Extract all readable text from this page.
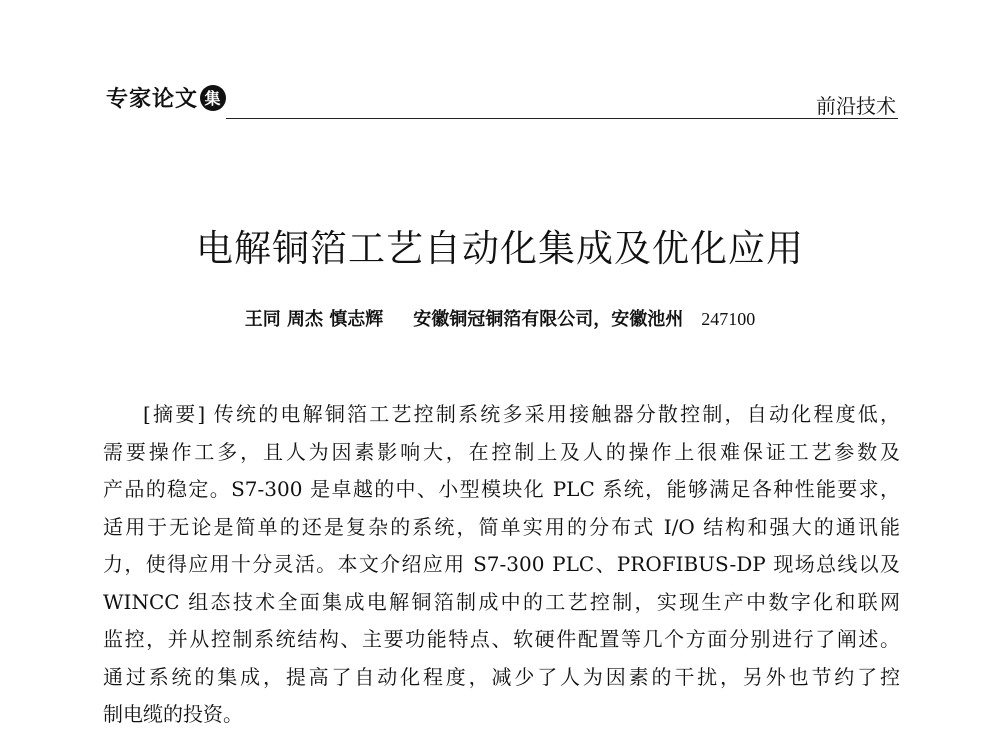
专家论文 集	前沿技术
电解铜箔工艺自动化集成及优化应用
王同 周杰 慎志辉 安徽铜冠铜箔有限公司，安徽池州 247100
[摘要] 传统的电解铜箔工艺控制系统多采用接触器分散控制，自动化程度低，
需要操作工多，且人为因素影响大，在控制上及人的操作上很难保证工艺参数及
产品的稳定。S7-300 是卓越的中、小型模块化 PLC 系统，能够满足各种性能要求，
适用于无论是简单的还是复杂的系统，简单实用的分布式 I/O 结构和强大的通讯能
力，使得应用十分灵活。本文介绍应用 S7-300 PLC、PROFIBUS-DP 现场总线以及
WINCC 组态技术全面集成电解铜箔制成中的工艺控制，实现生产中数字化和联网
监控，并从控制系统结构、主要功能特点、软硬件配置等几个方面分别进行了阐述。
通过系统的集成，提高了自动化程度，减少了人为因素的干扰，另外也节约了控
制电缆的投资。
